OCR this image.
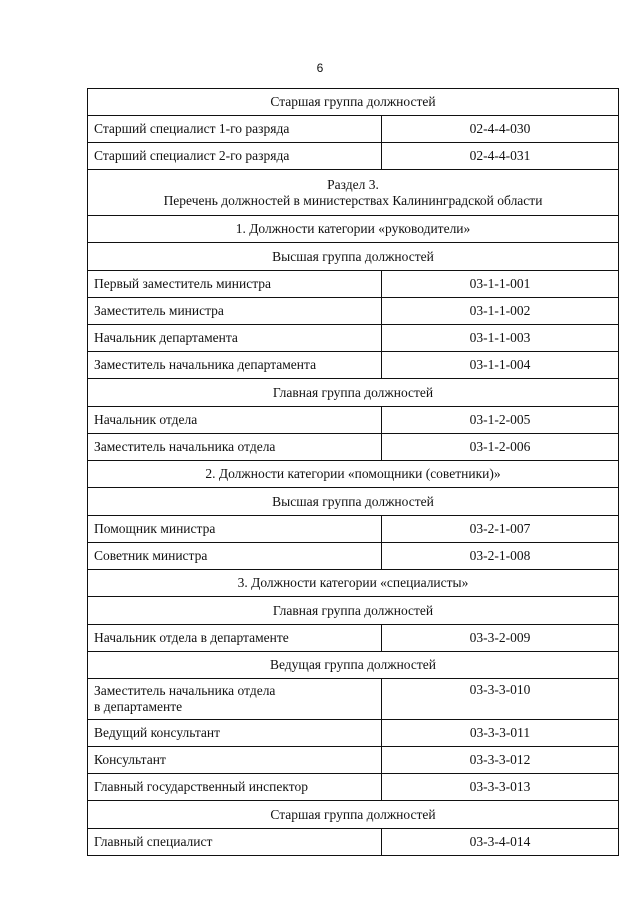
6
Старшая группа должностей	
Старший специалист 1-го разряда	02-4-4-030
Старший специалист 2-го разряда	02-4-4-031

Раздел 3.
Перечень должностей в министерствах Калининградской области	

1. Должности категории «руководители»	
Высшая группа должностей	
Первый заместитель министра	03-1-1-001
Заместитель министра	03-1-1-002
Начальник департамента	03-1-1-003
Заместитель начальника департамента	03-1-1-004
Главная группа должностей	
Начальник отдела	03-1-2-005
Заместитель начальника отдела	03-1-2-006
2. Должности категории «помощники (советники)»	
Высшая группа должностей	
Помощник министра	03-2-1-007
Советник министра	03-2-1-008
3. Должности категории «специалисты»	
Главная группа должностей	
Начальник отдела в департаменте	03-3-2-009
Ведущая группа должностей	

Заместитель начальника отдела
в департаменте	03-3-3-010
Ведущий консультант	03-3-3-011
Консультант	03-3-3-012
Главный государственный инспектор	03-3-3-013
Старшая группа должностей	
Главный специалист	03-3-4-014
